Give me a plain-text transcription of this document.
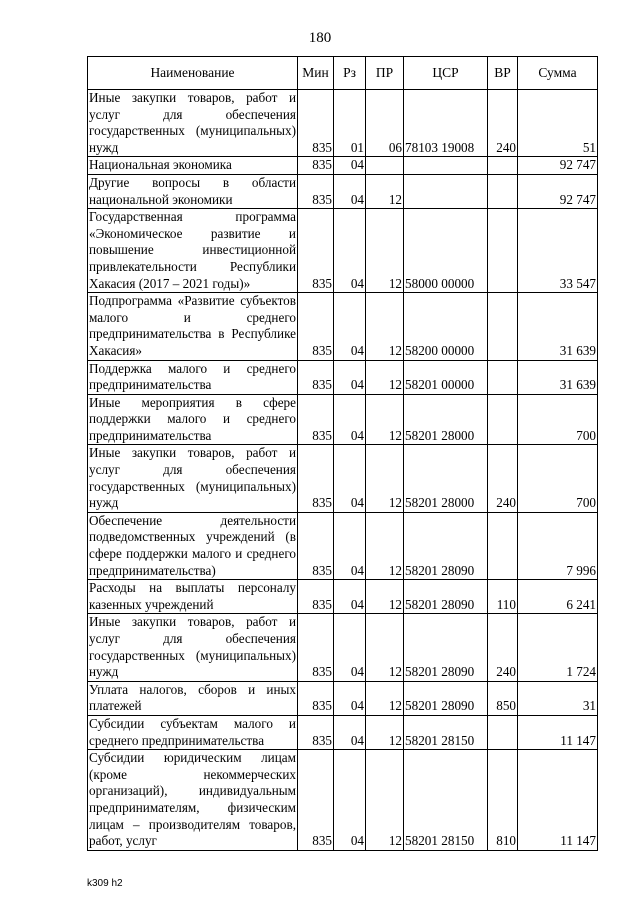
180
Наименование	Мин	Рз	ПР	ЦСР	ВР	Сумма
Иные закупки товаров, работ и услуг для обеспечения государственных (муниципальных) нужд	835	01	06	78103 19008	240	51
Национальная экономика	835	04				92 747
Другие вопросы в области национальной экономики	835	04	12			92 747
Государственная программа «Экономическое развитие и повышение инвестиционной привлекательности Республики Хакасия (2017 – 2021 годы)»	835	04	12	58000 00000		33 547
Подпрограмма «Развитие субъектов малого и среднего предпринимательства в Республике Хакасия»	835	04	12	58200 00000		31 639
Поддержка малого и среднего предпринимательства	835	04	12	58201 00000		31 639
Иные мероприятия в сфере поддержки малого и среднего предпринимательства	835	04	12	58201 28000		700
Иные закупки товаров, работ и услуг для обеспечения государственных (муниципальных) нужд	835	04	12	58201 28000	240	700
Обеспечение деятельности подведомственных учреждений (в сфере поддержки малого и среднего предпринимательства)	835	04	12	58201 28090		7 996
Расходы на выплаты персоналу казенных учреждений	835	04	12	58201 28090	110	6 241
Иные закупки товаров, работ и услуг для обеспечения государственных (муниципальных) нужд	835	04	12	58201 28090	240	1 724
Уплата налогов, сборов и иных платежей	835	04	12	58201 28090	850	31
Субсидии субъектам малого и среднего предпринимательства	835	04	12	58201 28150		11 147
Субсидии юридическим лицам (кроме некоммерческих организаций), индивидуальным предпринимателям, физическим лицам – производителям товаров, работ, услуг	835	04	12	58201 28150	810	11 147
k309 h2
